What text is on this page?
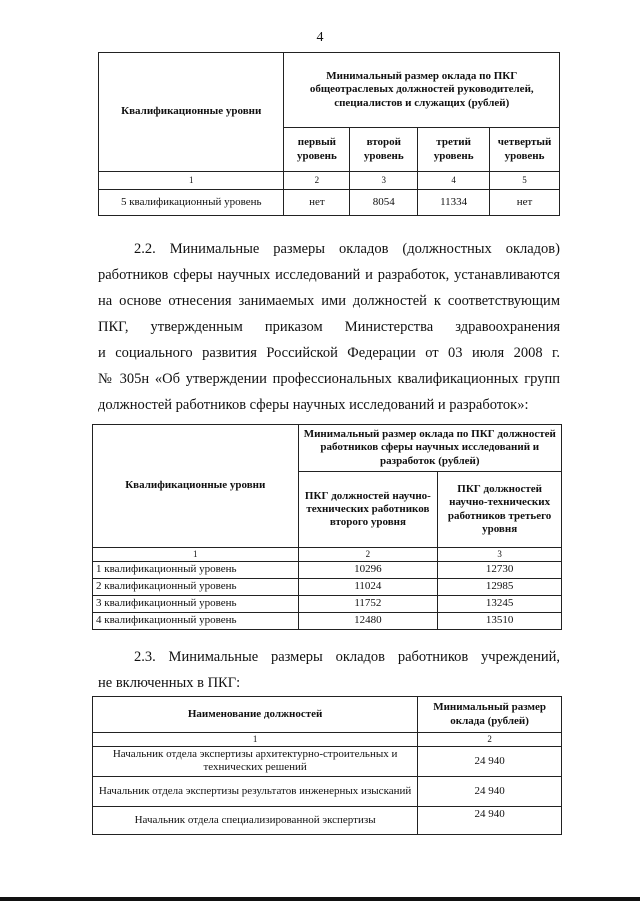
4
Квалификационные уровни	Минимальный размер оклада по ПКГ общеотраслевых должностей руководителей, специалистов и служащих (рублей)			
	первый уровень	второй уровень	третий уровень	четвертый уровень
1	2	3	4	5
5 квалификационный уровень	нет	8054	11334	нет
2.2. Минимальные размеры окладов (должностных окладов)
работников сферы научных исследований и разработок, устанавливаются
на основе отнесения занимаемых ими должностей к соответствующим
ПКГ, утвержденным приказом Министерства здравоохранения
и социального развития Российской Федерации от 03 июля 2008 г.
№ 305н «Об утверждении профессиональных квалификационных групп
должностей работников сферы научных исследований и разработок»:
Квалификационные уровни	Минимальный размер оклада по ПКГ должностей работников сферы научных исследований и разработок (рублей)	
	ПКГ должностей научно-технических работников второго уровня	ПКГ должностей научно-технических работников третьего уровня
1	2	3
1 квалификационный уровень	10296	12730
2 квалификационный уровень	11024	12985
3 квалификационный уровень	11752	13245
4 квалификационный уровень	12480	13510
2.3. Минимальные размеры окладов работников учреждений,
не включенных в ПКГ:
Наименование должностей	Минимальный размер оклада (рублей)
1	2
Начальник отдела экспертизы архитектурно-строительных и технических решений	24 940
Начальник отдела экспертизы результатов инженерных изысканий	24 940
Начальник отдела специализированной экспертизы	24 940
